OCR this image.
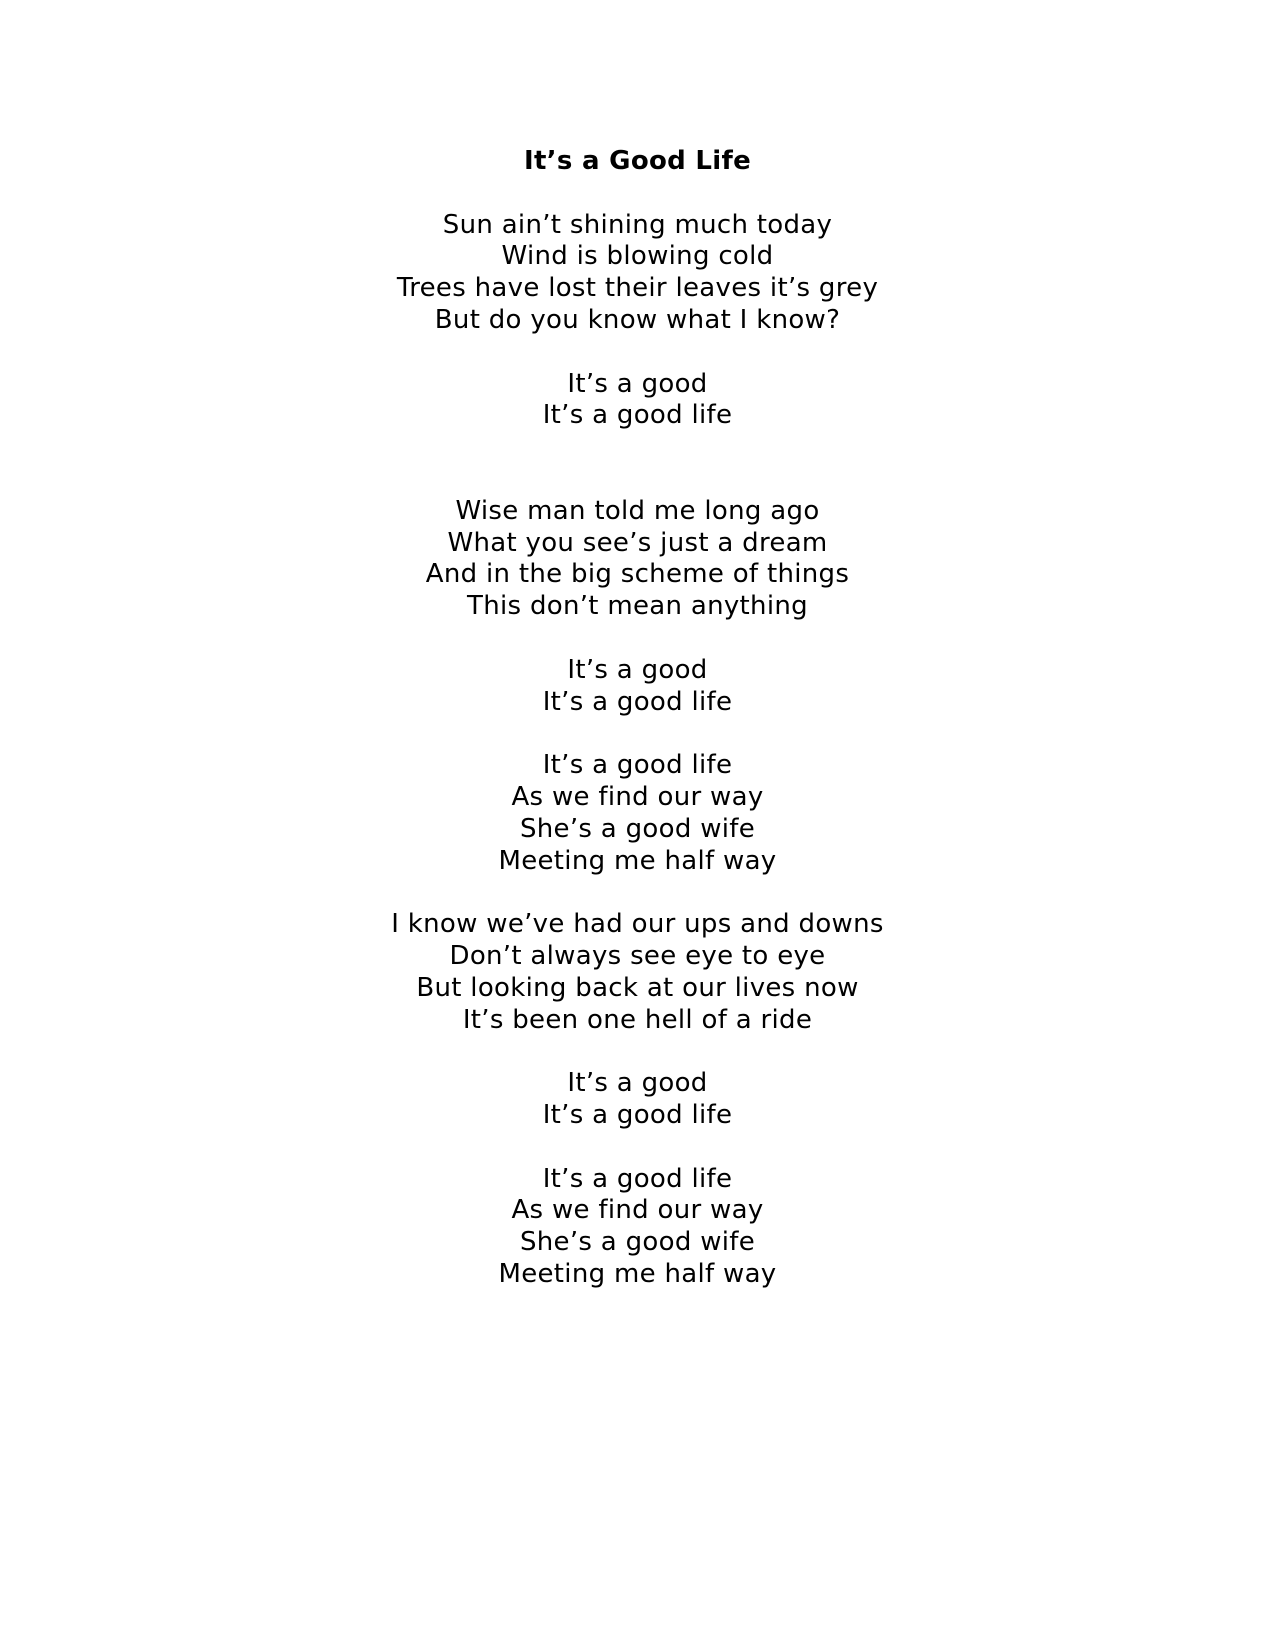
It’s a Good Life
Sun ain’t shining much today
Wind is blowing cold
Trees have lost their leaves it’s grey
But do you know what I know?
It’s a good
It’s a good life
Wise man told me long ago
What you see’s just a dream
And in the big scheme of things
This don’t mean anything
It’s a good
It’s a good life
It’s a good life
As we find our way
She’s a good wife
Meeting me half way
I know we’ve had our ups and downs
Don’t always see eye to eye
But looking back at our lives now
It’s been one hell of a ride
It’s a good
It’s a good life
It’s a good life
As we find our way
She’s a good wife
Meeting me half way
